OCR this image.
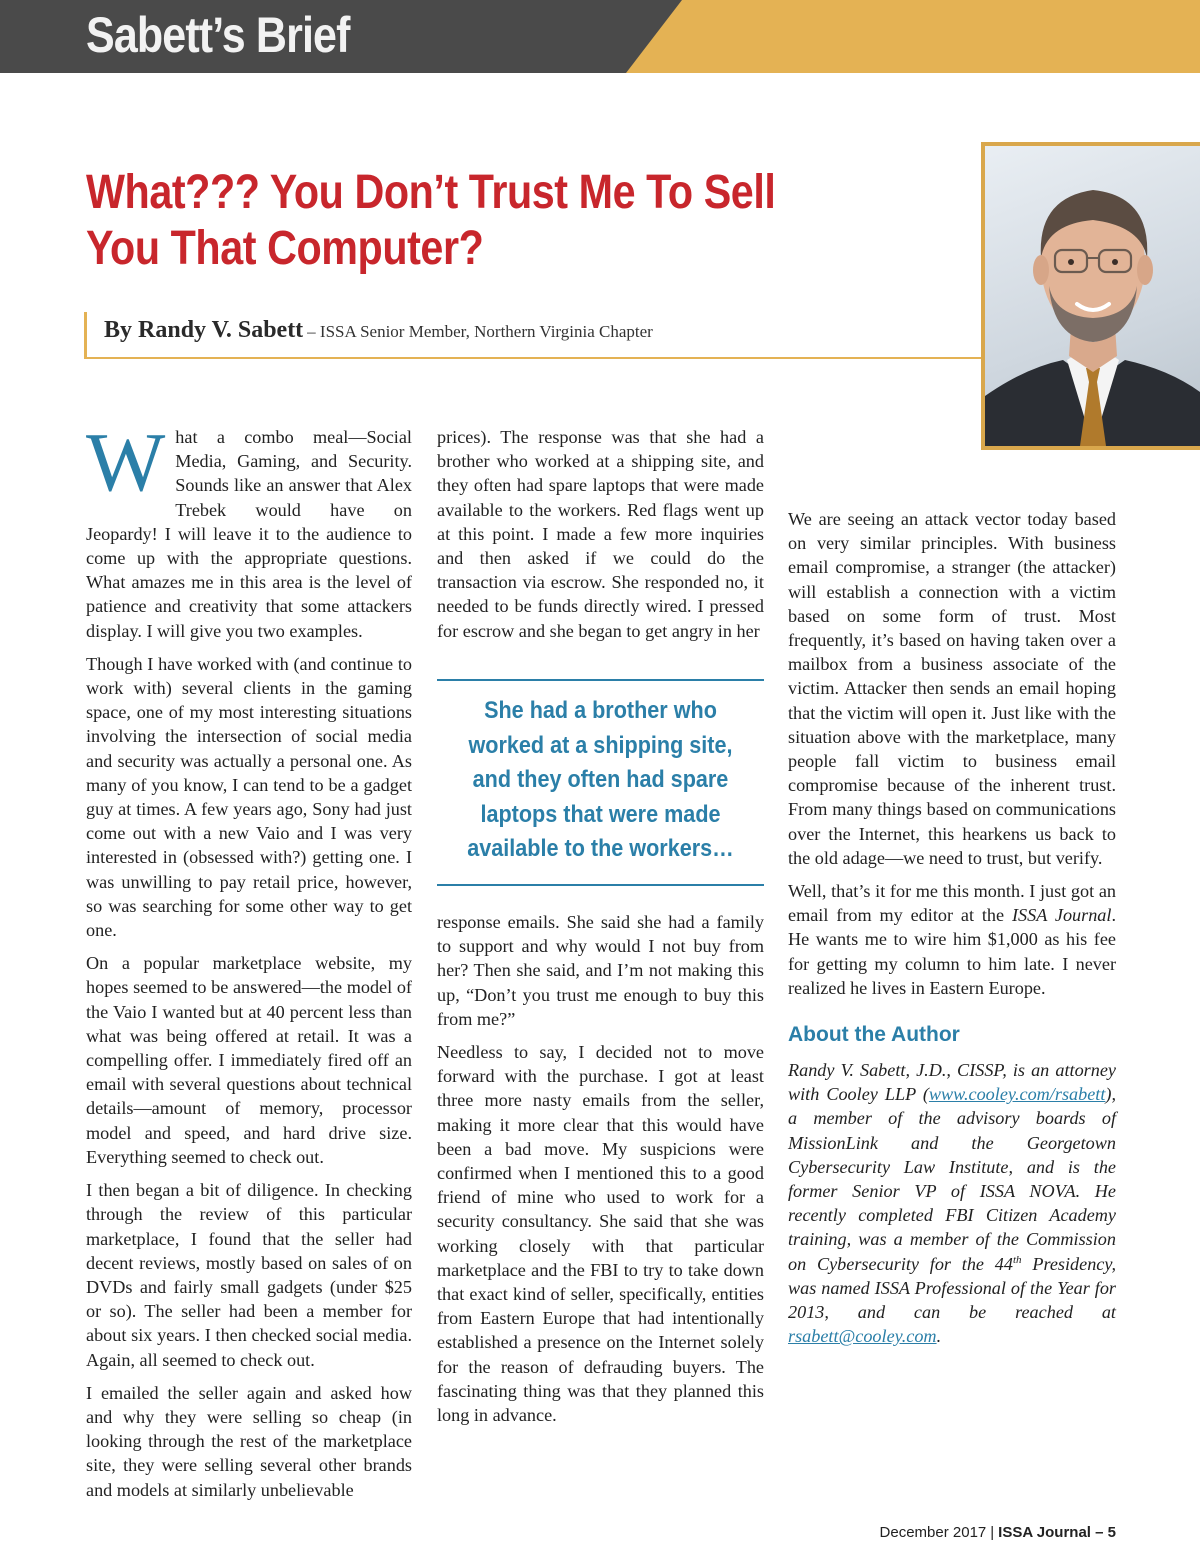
Sabett’s Brief
What??? You Don’t Trust Me To Sell
You That Computer?
By Randy V. Sabett – ISSA Senior Member, Northern Virginia Chapter

W hat a combo meal—Social Media, Gaming, and Security. Sounds like an answer that Alex Trebek would have on Jeopardy! I will leave it to the audience to come up with the appropriate questions. What amazes me in this area is the level of patience and creativity that some attackers display. I will give you two examples.

Though I have worked with (and continue to work with) several clients in the gaming space, one of my most interesting situations involving the intersection of social media and security was actually a personal one. As many of you know, I can tend to be a gadget guy at times. A few years ago, Sony had just come out with a new Vaio and I was very interested in (obsessed with?) getting one. I was unwilling to pay retail price, however, so was searching for some other way to get one.

On a popular marketplace website, my hopes seemed to be answered—the model of the Vaio I wanted but at 40 percent less than what was being offered at retail. It was a compelling offer. I immediately fired off an email with several questions about technical details—amount of memory, processor model and speed, and hard drive size. Everything seemed to check out.

I then began a bit of diligence. In checking through the review of this particular marketplace, I found that the seller had decent reviews, mostly based on sales of on DVDs and fairly small gadgets (under $25 or so). The seller had been a member for about six years. I then checked social media. Again, all seemed to check out.

I emailed the seller again and asked how and why they were selling so cheap (in looking through the rest of the marketplace site, they were selling several other brands and models at similarly unbelievable

prices). The response was that she had a brother who worked at a shipping site, and they often had spare laptops that were made available to the workers. Red flags went up at this point. I made a few more inquiries and then asked if we could do the transaction via escrow. She responded no, it needed to be funds directly wired. I pressed for escrow and she began to get angry in her

She had a brother who
worked at a shipping site,
and they often had spare
laptops that were made
available to the workers…

response emails. She said she had a family to support and why would I not buy from her? Then she said, and I’m not making this up, “Don’t you trust me enough to buy this from me?”

Needless to say, I decided not to move forward with the purchase. I got at least three more nasty emails from the seller, making it more clear that this would have been a bad move. My suspicions were confirmed when I mentioned this to a good friend of mine who used to work for a security consultancy. She said that she was working closely with that particular marketplace and the FBI to try to take down that exact kind of seller, specifically, entities from Eastern Europe that had intentionally established a presence on the Internet solely for the reason of defrauding buyers. The fascinating thing was that they planned this long in advance.

We are seeing an attack vector today based on very similar principles. With business email compromise, a stranger (the attacker) will establish a connection with a victim based on some form of trust. Most frequently, it’s based on having taken over a mailbox from a business associate of the victim. Attacker then sends an email hoping that the victim will open it. Just like with the situation above with the marketplace, many people fall victim to business email compromise because of the inherent trust. From many things based on communications over the Internet, this hearkens us back to the old adage—we need to trust, but verify.

Well, that’s it for me this month. I just got an email from my editor at the ISSA Journal. He wants me to wire him $1,000 as his fee for getting my column to him late. I never realized he lives in Eastern Europe.

About the Author

Randy V. Sabett, J.D., CISSP, is an attorney with Cooley LLP (www.cooley.com/rsabett), a member of the advisory boards of MissionLink and the Georgetown Cybersecurity Law Institute, and is the former Senior VP of ISSA NOVA. He recently completed FBI Citizen Academy training, was a member of the Commission on Cybersecurity for the 44th Presidency, was named ISSA Professional of the Year for 2013, and can be reached at rsabett@cooley.com.

December 2017 | ISSA Journal – 5
